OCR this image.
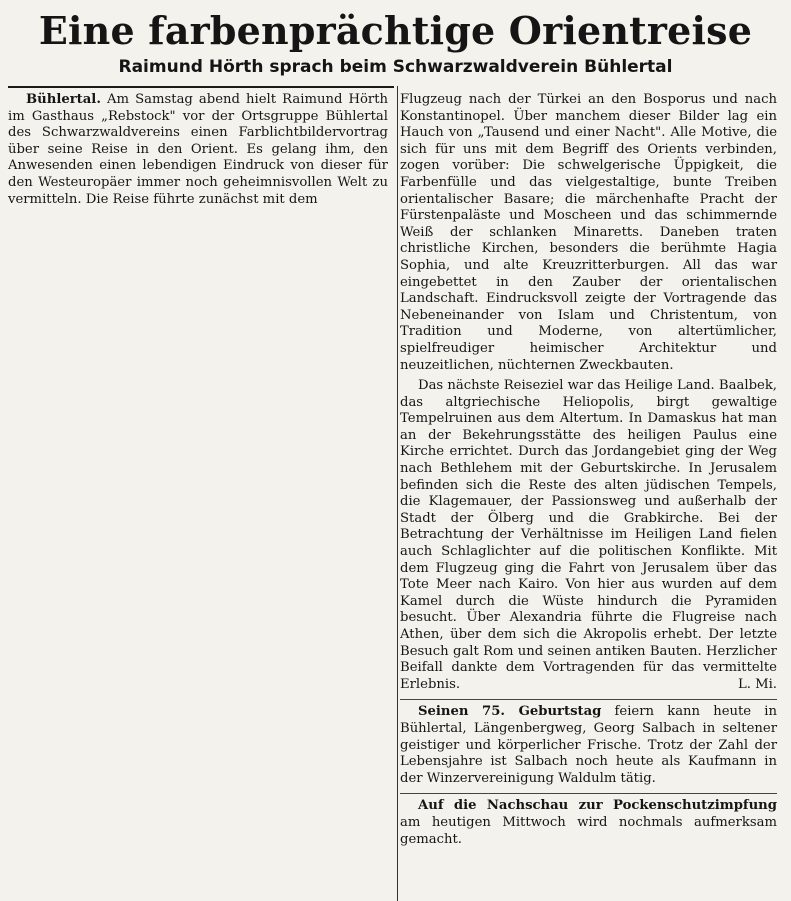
Eine farbenprächtige Orientreise
Raimund Hörth sprach beim Schwarzwaldverein Bühlertal

Bühlertal. Am Samstag abend hielt Raimund Hörth im Gasthaus „Rebstock" vor der Ortsgruppe Bühlertal des Schwarzwaldvereins einen Farblichtbildervortrag über seine Reise in den Orient. Es gelang ihm, den Anwesenden einen lebendigen Eindruck von dieser für den Westeuropäer immer noch geheimnisvollen Welt zu vermitteln. Die Reise führte zunächst mit dem

Flugzeug nach der Türkei an den Bosporus und nach Konstantinopel. Über manchem dieser Bilder lag ein Hauch von „Tausend und einer Nacht". Alle Motive, die sich für uns mit dem Begriff des Orients verbinden, zogen vorüber: Die schwelgerische Üppigkeit, die Farbenfülle und das vielgestaltige, bunte Treiben orientalischer Basare; die märchenhafte Pracht der Fürstenpaläste und Moscheen und das schimmernde Weiß der schlanken Minaretts. Daneben traten christliche Kirchen, besonders die berühmte Hagia Sophia, und alte Kreuzritterburgen. All das war eingebettet in den Zauber der orientalischen Landschaft. Eindrucksvoll zeigte der Vortragende das Nebeneinander von Islam und Christentum, von Tradition und Moderne, von altertümlicher, spielfreudiger heimischer Architektur und neuzeitlichen, nüchternen Zweckbauten.

Das nächste Reiseziel war das Heilige Land. Baalbek, das altgriechische Heliopolis, birgt gewaltige Tempelruinen aus dem Altertum. In Damaskus hat man an der Bekehrungsstätte des heiligen Paulus eine Kirche errichtet. Durch das Jordangebiet ging der Weg nach Bethlehem mit der Geburtskirche. In Jerusalem befinden sich die Reste des alten jüdischen Tempels, die Klagemauer, der Passionsweg und außerhalb der Stadt der Ölberg und die Grabkirche. Bei der Betrachtung der Verhältnisse im Heiligen Land fielen auch Schlaglichter auf die politischen Konflikte. Mit dem Flugzeug ging die Fahrt von Jerusalem über das Tote Meer nach Kairo. Von hier aus wurden auf dem Kamel durch die Wüste hindurch die Pyramiden besucht. Über Alexandria führte die Flugreise nach Athen, über dem sich die Akropolis erhebt. Der letzte Besuch galt Rom und seinen antiken Bauten. Herzlicher Beifall dankte dem Vortragenden für das vermittelte Erlebnis.	L. Mi.

Seinen 75. Geburtstag feiern kann heute in Bühlertal, Längenbergweg, Georg Salbach in seltener geistiger und körperlicher Frische. Trotz der Zahl der Lebensjahre ist Salbach noch heute als Kaufmann in der Winzervereinigung Waldulm tätig.

Auf die Nachschau zur Pockenschutzimpfung am heutigen Mittwoch wird nochmals aufmerksam gemacht.
